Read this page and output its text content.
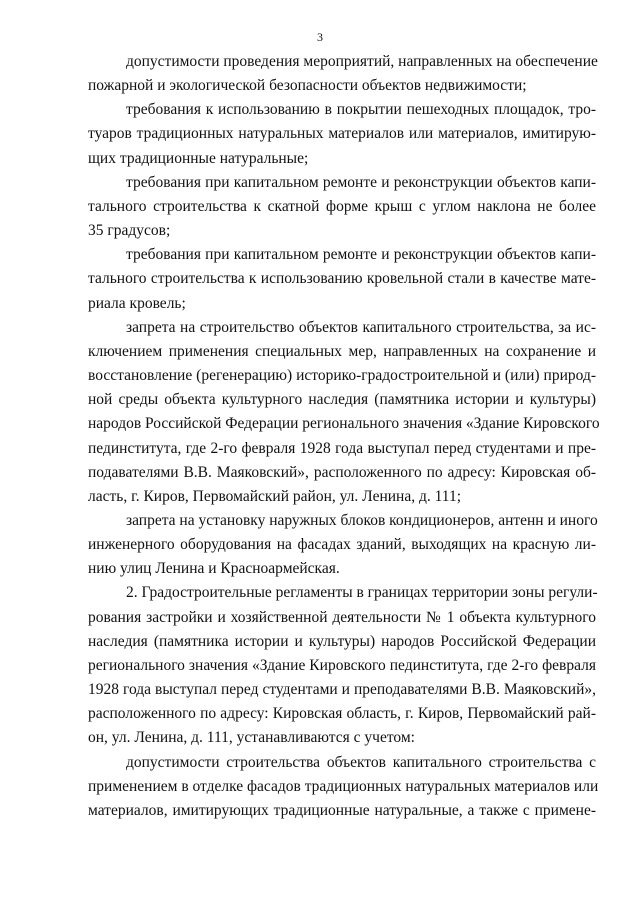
3
допустимости проведения мероприятий, направленных на обеспечение
пожарной и экологической безопасности объектов недвижимости;
требования к использованию в покрытии пешеходных площадок, тро-
туаров традиционных натуральных материалов или материалов, имитирую-
щих традиционные натуральные;
требования при капитальном ремонте и реконструкции объектов капи-
тального строительства к скатной форме крыш с углом наклона не более
35 градусов;
требования при капитальном ремонте и реконструкции объектов капи-
тального строительства к использованию кровельной стали в качестве мате-
риала кровель;
запрета на строительство объектов капитального строительства, за ис-
ключением применения специальных мер, направленных на сохранение и
восстановление (регенерацию) историко-градостроительной и (или) природ-
ной среды объекта культурного наследия (памятника истории и культуры)
народов Российской Федерации регионального значения «Здание Кировского
пединститута, где 2-го февраля 1928 года выступал перед студентами и пре-
подавателями В.В. Маяковский», расположенного по адресу: Кировская об-
ласть, г. Киров, Первомайский район, ул. Ленина, д. 111;
запрета на установку наружных блоков кондиционеров, антенн и иного
инженерного оборудования на фасадах зданий, выходящих на красную ли-
нию улиц Ленина и Красноармейская.
2. Градостроительные регламенты в границах территории зоны регули-
рования застройки и хозяйственной деятельности № 1 объекта культурного
наследия (памятника истории и культуры) народов Российской Федерации
регионального значения «Здание Кировского пединститута, где 2-го февраля
1928 года выступал перед студентами и преподавателями В.В. Маяковский»,
расположенного по адресу: Кировская область, г. Киров, Первомайский рай-
он, ул. Ленина, д. 111, устанавливаются с учетом:
допустимости строительства объектов капитального строительства с
применением в отделке фасадов традиционных натуральных материалов или
материалов, имитирующих традиционные натуральные, а также с примене-
